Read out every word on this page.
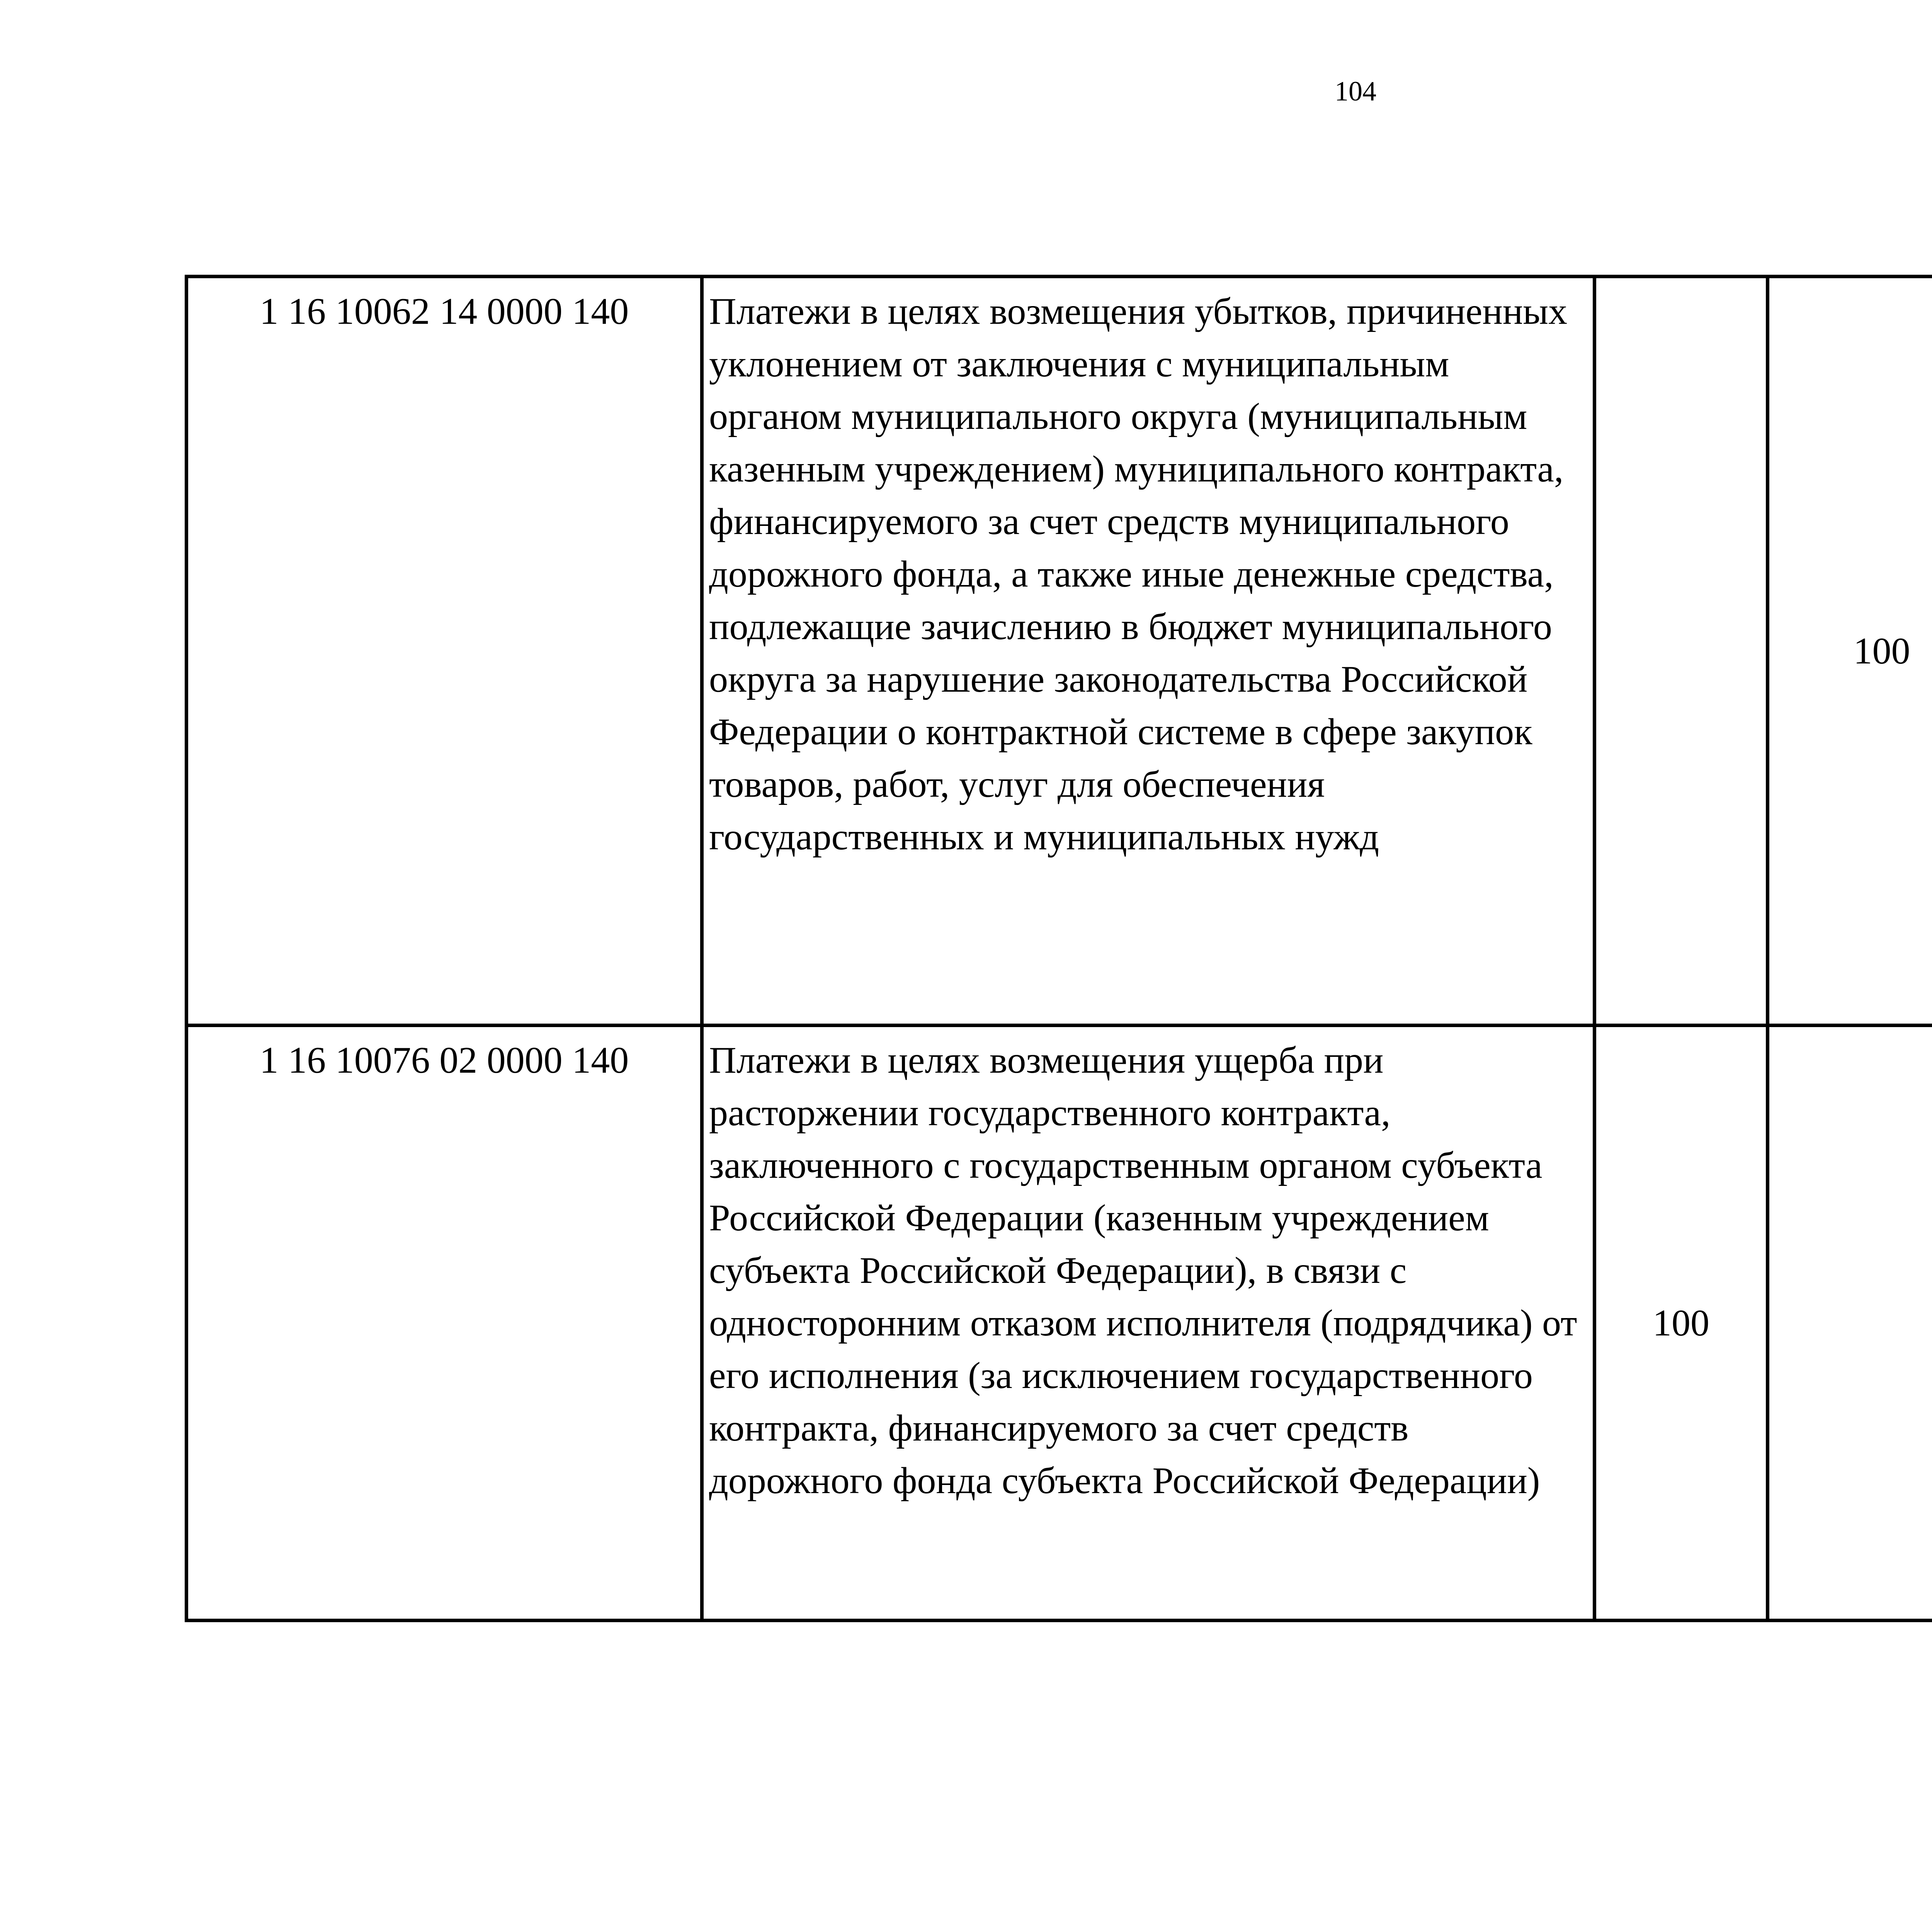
104
1 16 10062 14 0000 140	Платежи в целях возмещения убытков, причиненных уклонением от заключения с муниципальным органом муниципального округа (муниципальным казенным учреждением) муниципального контракта, финансируемого за счет средств муниципального дорожного фонда, а также иные денежные средства, подлежащие зачислению в бюджет муниципального округа за нарушение законодательства Российской Федерации о контрактной системе в сфере закупок товаров, работ, услуг для обеспечения государственных и муниципальных нужд		100			
1 16 10076 02 0000 140	Платежи в целях возмещения ущерба при расторжении государственного контракта, заключенного с государственным органом субъекта Российской Федерации (казенным учреждением субъекта Российской Федерации), в связи с односторонним отказом исполнителя (подрядчика) от его исполнения (за исключением государственного контракта, финансируемого за счет средств дорожного фонда субъекта Российской Федерации)	100				
